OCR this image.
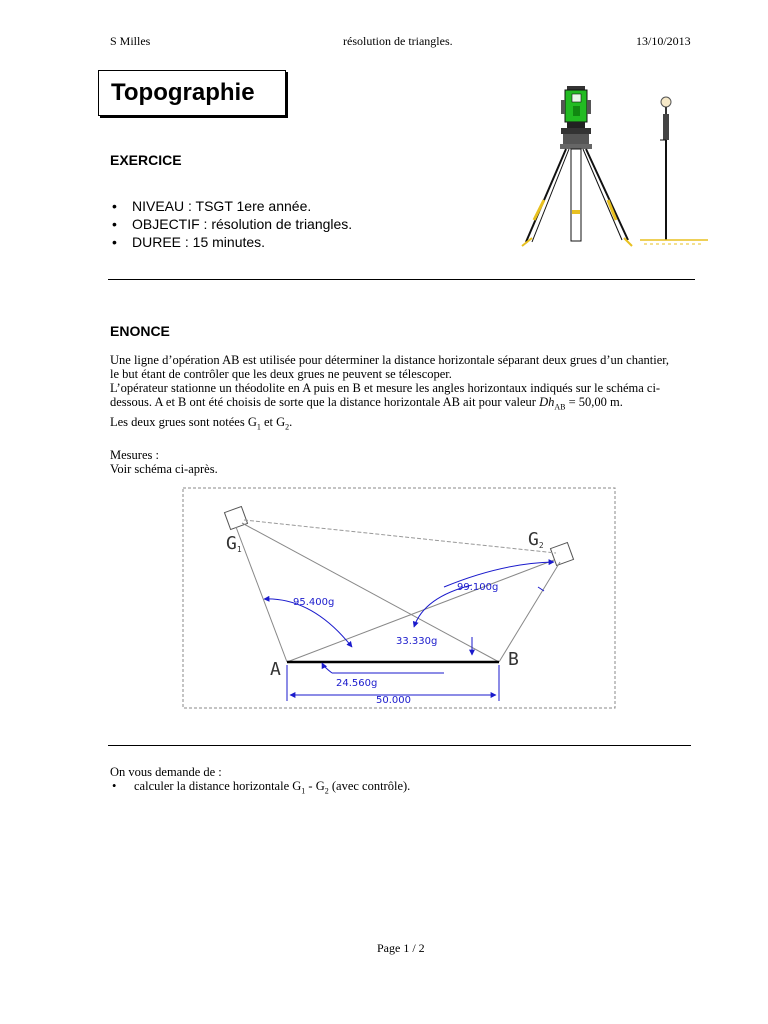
S Milles	résolution de triangles.	13/10/2013
Topographie
EXERCICE
• NIVEAU : TSGT 1ere année.
• OBJECTIF : résolution de triangles.
• DUREE : 15 minutes.
ENONCE

Une ligne d’opération AB est utilisée pour déterminer la distance horizontale séparant deux grues d’un chantier,

le but étant de contrôler que les deux grues ne peuvent se télescoper.

L’opérateur stationne un théodolite en A puis en B et mesure les angles horizontaux indiqués sur le schéma ci-

dessous. A et B ont été choisis de sorte que la distance horizontale AB ait pour valeur $Dh_{AB} = 50,00$ m.

Les deux grues sont notées $G_1$ et $G_2$.

Mesures :

Voir schéma ci-après.

G1	G2
A	B
95.400g
99.100g
33.330g
24.560g
50.000

On vous demande de :

• calculer la distance horizontale $G_1 - G_2$ (avec contrôle).
Page 1 / 2
